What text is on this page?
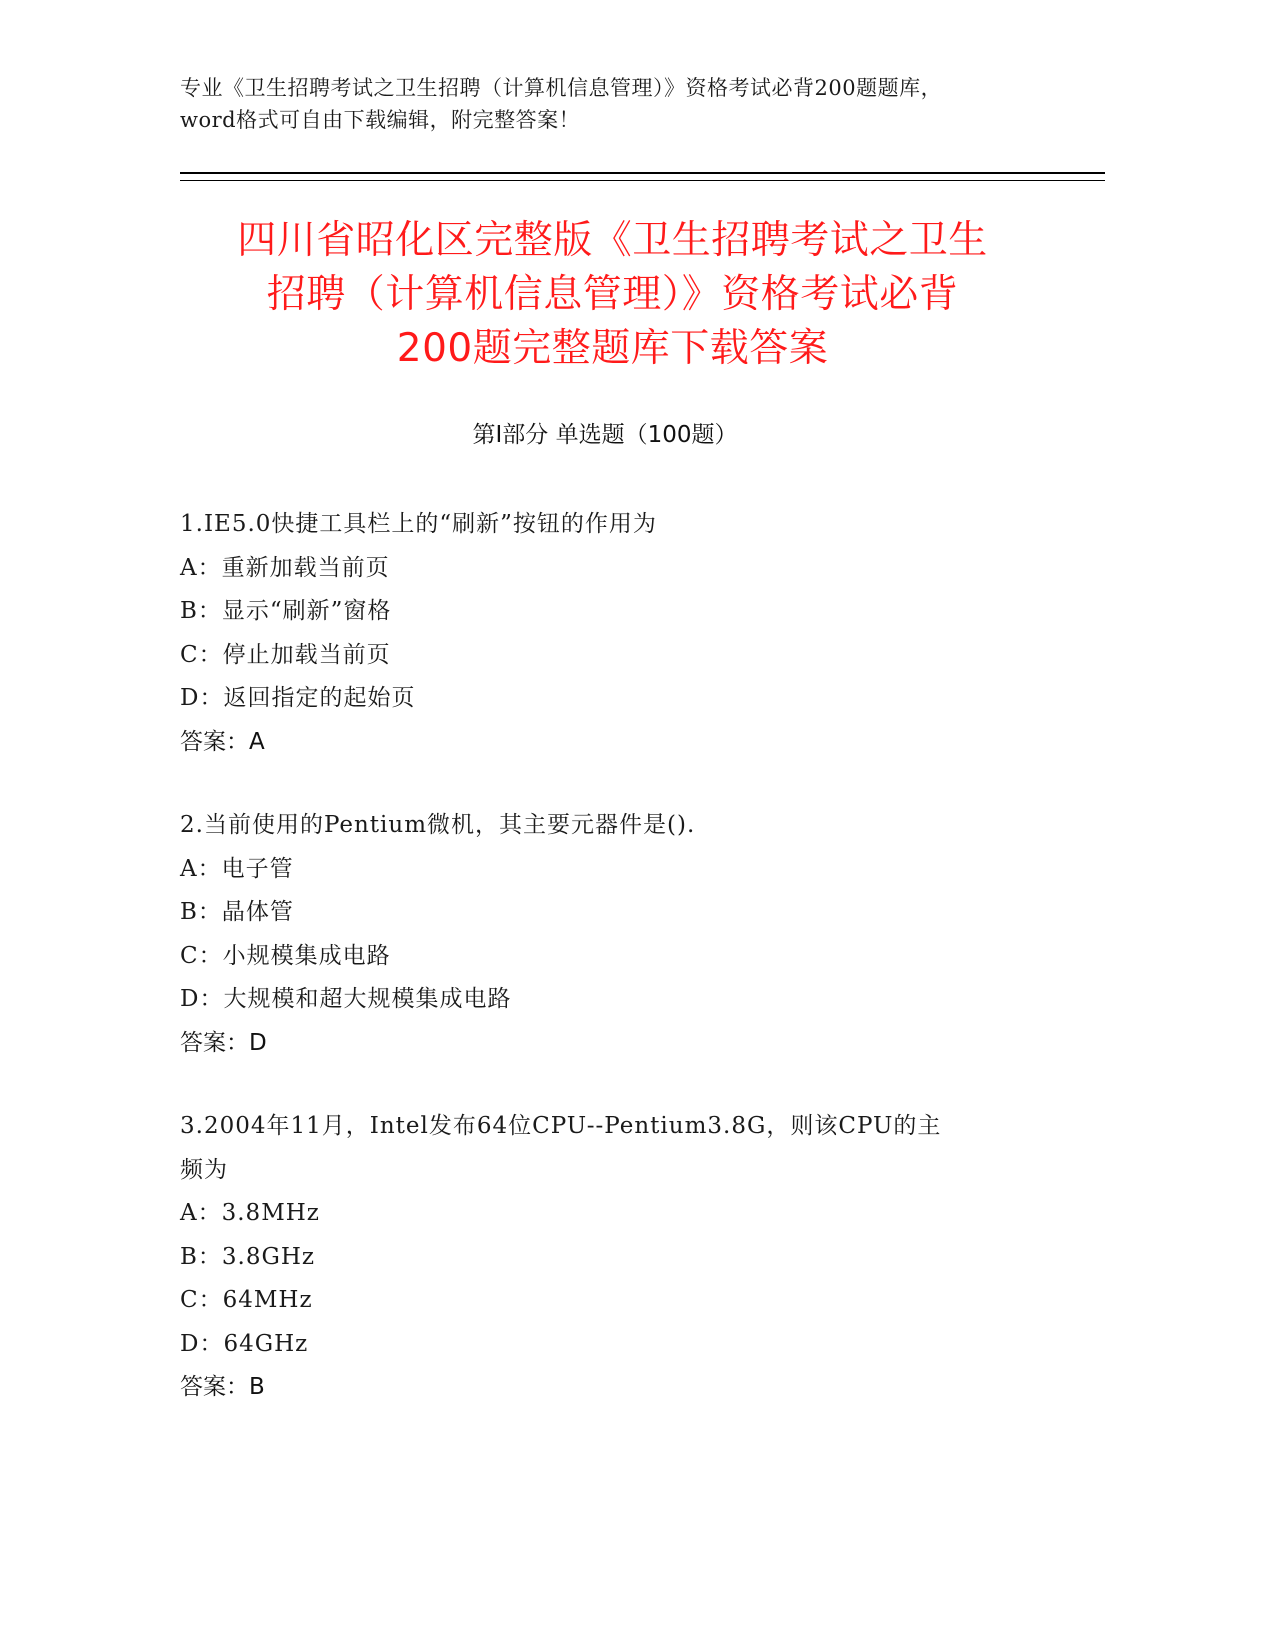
专业《卫生招聘考试之卫生招聘（计算机信息管理）》资格考试必背200题题库，
word格式可自由下载编辑，附完整答案！
四川省昭化区完整版《卫生招聘考试之卫生
招聘（计算机信息管理）》资格考试必背
200题完整题库下载答案
第Ⅰ部分 单选题（100题）
1.IE5.0快捷工具栏上的“刷新”按钮的作用为
A：重新加载当前页
B：显示“刷新”窗格
C：停止加载当前页
D：返回指定的起始页
答案：A
2.当前使用的Pentium微机，其主要元器件是().
A：电子管
B：晶体管
C：小规模集成电路
D：大规模和超大规模集成电路
答案：D
3.2004年11月，Intel发布64位CPU--Pentium3.8G，则该CPU的主
频为
A：3.8MHz
B：3.8GHz
C：64MHz
D：64GHz
答案：B
